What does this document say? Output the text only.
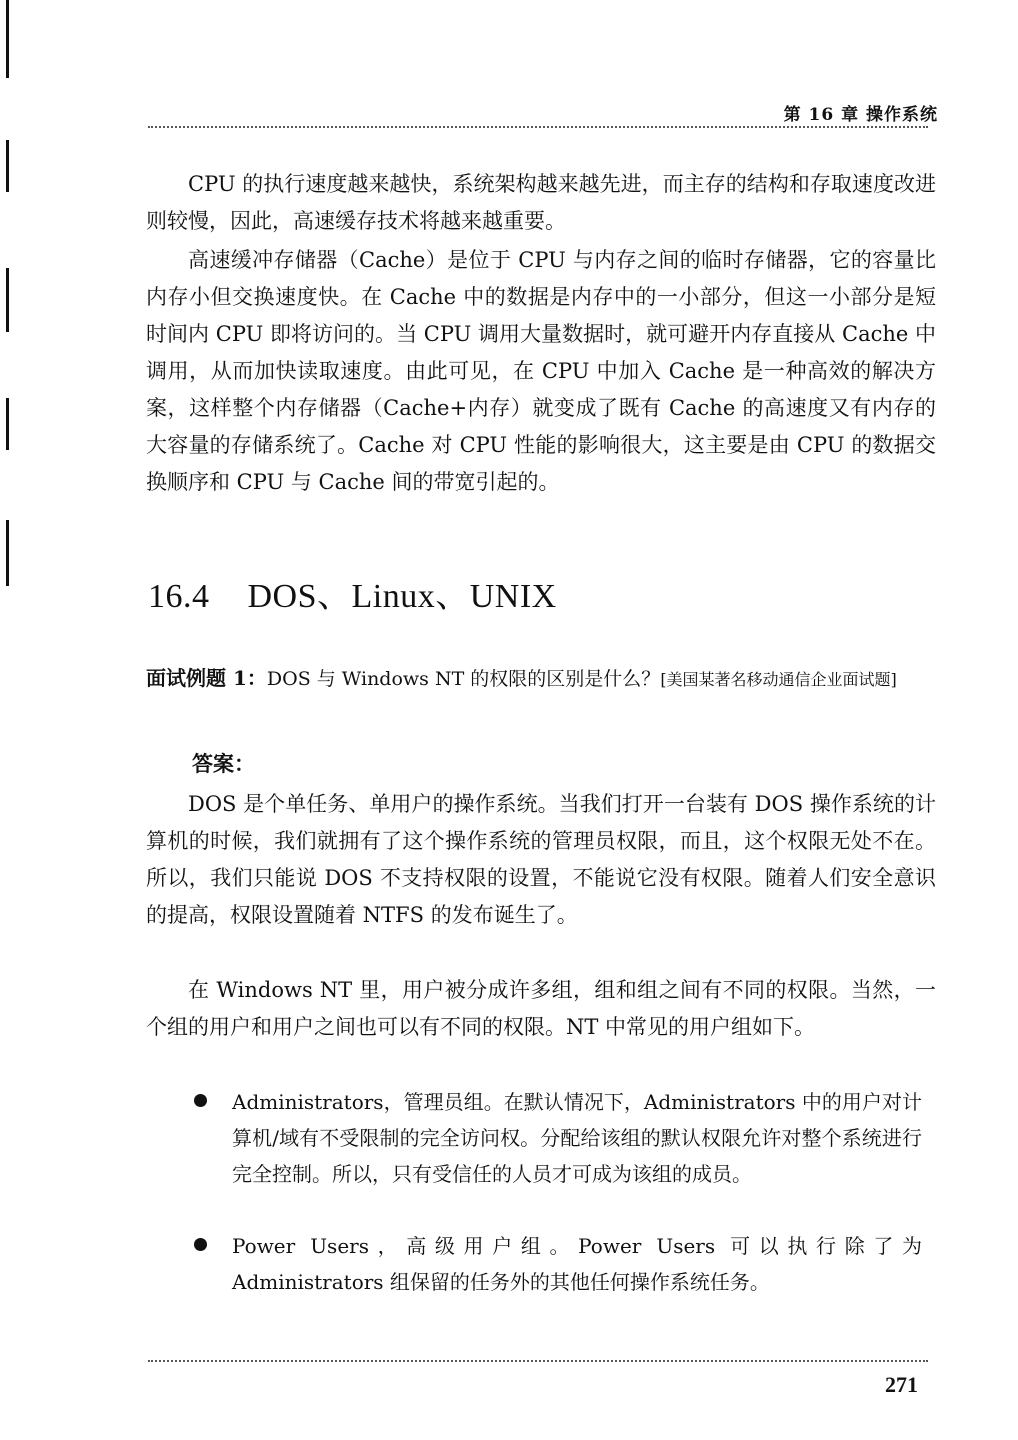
第 16 章 操作系统

CPU 的执行速度越来越快，系统架构越来越先进，而主存的结构和存取速度改进则较慢，因此，高速缓存技术将越来越重要。

高速缓冲存储器（Cache）是位于 CPU 与内存之间的临时存储器，它的容量比内存小但交换速度快。在 Cache 中的数据是内存中的一小部分，但这一小部分是短时间内 CPU 即将访问的。当 CPU 调用大量数据时，就可避开内存直接从 Cache 中调用，从而加快读取速度。由此可见，在 CPU 中加入 Cache 是一种高效的解决方案，这样整个内存储器（Cache+内存）就变成了既有 Cache 的高速度又有内存的大容量的存储系统了。Cache 对 CPU 性能的影响很大，这主要是由 CPU 的数据交换顺序和 CPU 与 Cache 间的带宽引起的。

16.4 DOS、Linux、UNIX

面试例题 1：DOS 与 Windows NT 的权限的区别是什么？[美国某著名移动通信企业面试题]

答案：

DOS 是个单任务、单用户的操作系统。当我们打开一台装有 DOS 操作系统的计算机的时候，我们就拥有了这个操作系统的管理员权限，而且，这个权限无处不在。所以，我们只能说 DOS 不支持权限的设置，不能说它没有权限。随着人们安全意识的提高，权限设置随着 NTFS 的发布诞生了。

在 Windows NT 里，用户被分成许多组，组和组之间有不同的权限。当然，一个组的用户和用户之间也可以有不同的权限。NT 中常见的用户组如下。

Administrators，管理员组。在默认情况下，Administrators 中的用户对计算机/域有不受限制的完全访问权。分配给该组的默认权限允许对整个系统进行完全控制。所以，只有受信任的人员才可成为该组的成员。

Power Users，高级用户组。Power Users 可以执行除了为 Administrators 组保留的任务外的其他任何操作系统任务。

271
